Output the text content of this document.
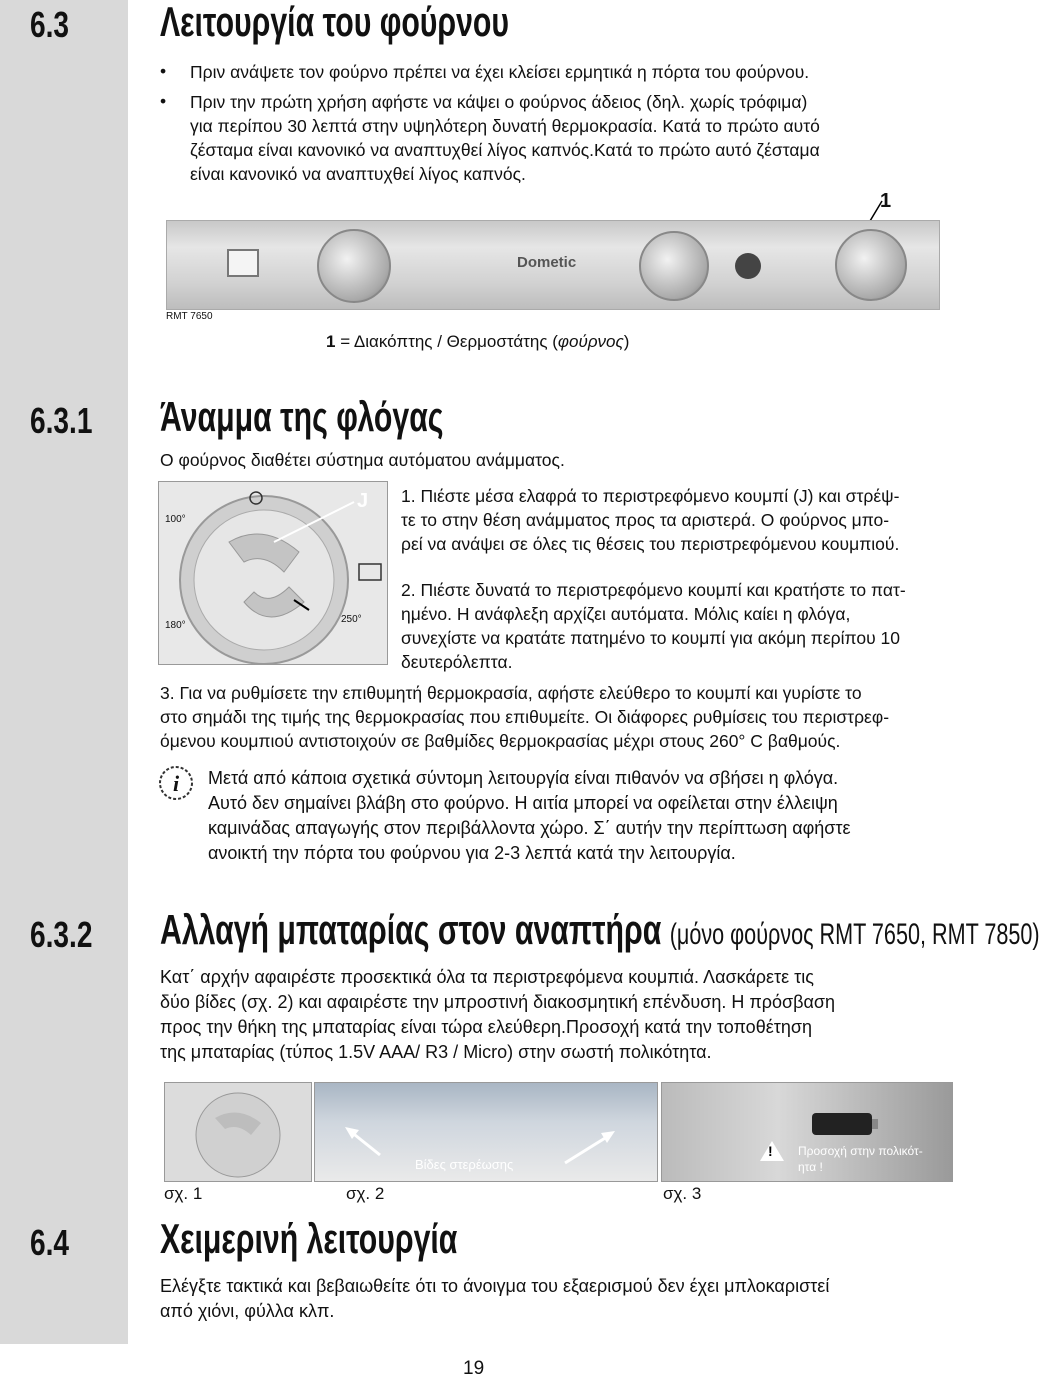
6.3 Λειτουργία του φούρνου
• Πριν ανάψετε τον φούρνο πρέπει να έχει κλείσει ερμητικά η πόρτα του φούρνου.
• Πριν την πρώτη χρήση αφήστε να κάψει ο φούρνος άδειος (δηλ. χωρίς τρόφιμα)
για περίπου 30 λεπτά στην υψηλότερη δυνατή θερμοκρασία. Κατά το πρώτο αυτό
ζέσταμα είναι κανονικό να αναπτυχθεί λίγος καπνός.Κατά το πρώτο αυτό ζέσταμα
είναι κανονικό να αναπτυχθεί λίγος καπνός.
1
Dometic
RMT 7650
1 = Διακόπτης / Θερμοστάτης (φούρνος)
6.3.1 Άναμμα της φλόγας
Ο φούρνος διαθέτει σύστημα αυτόματου ανάμματος.
100°
180°
250°
J 1. Πιέστε μέσα ελαφρά το περιστρεφόμενο κουμπί (J) και στρέψ-
τε το στην θέση ανάμματος προς τα αριστερά. Ο φούρνος μπο-
ρεί να ανάψει σε όλες τις θέσεις του περιστρεφόμενου κουμπιού.
2. Πιέστε δυνατά το περιστρεφόμενο κουμπί και κρατήστε το πατ-
ημένο. Η ανάφλεξη αρχίζει αυτόματα. Μόλις καίει η φλόγα,
συνεχίστε να κρατάτε πατημένο το κουμπί για ακόμη περίπου 10
δευτερόλεπτα.
3. Για να ρυθμίσετε την επιθυμητή θερμοκρασία, αφήστε ελεύθερο το κουμπί και γυρίστε το
στο σημάδι της τιμής της θερμοκρασίας που επιθυμείτε. Οι διάφορες ρυθμίσεις του περιστρεφ-
όμενου κουμπιού αντιστοιχούν σε βαθμίδες θερμοκρασίας μέχρι στους 260° C βαθμούς.
i Μετά από κάποια σχετικά σύντομη λειτουργία είναι πιθανόν να σβήσει η φλόγα.
Αυτό δεν σημαίνει βλάβη στο φούρνο. Η αιτία μπορεί να οφείλεται στην έλλειψη
καμινάδας απαγωγής στον περιβάλλοντα χώρο. Σ΄ αυτήν την περίπτωση αφήστε
ανοικτή την πόρτα του φούρνου για 2-3 λεπτά κατά την λειτουργία.
6.3.2 Αλλαγή μπαταρίας στον αναπτήρα (μόνο φούρνος RMT 7650, RMT 7850)
Κατ΄ αρχήν αφαιρέστε προσεκτικά όλα τα περιστρεφόμενα κουμπιά. Λασκάρετε τις
δύο βίδες (σχ. 2) και αφαιρέστε την μπροστινή διακοσμητική επένδυση. Η πρόσβαση
προς την θήκη της μπαταρίας είναι τώρα ελεύθερη.Προσοχή κατά την τοποθέτηση
της μπαταρίας (τύπος 1.5V AAA/ R3 / Micro) στην σωστή πολικότητα.
Βίδες στερέωσης
! Προσοχή στην πολικότ-
ητα !
σχ. 1	σχ. 2	σχ. 3
6.4 Χειμερινή λειτουργία
Ελέγξτε τακτικά και βεβαιωθείτε ότι το άνοιγμα του εξαερισμού δεν έχει μπλοκαριστεί
από χιόνι, φύλλα κλπ.
19
